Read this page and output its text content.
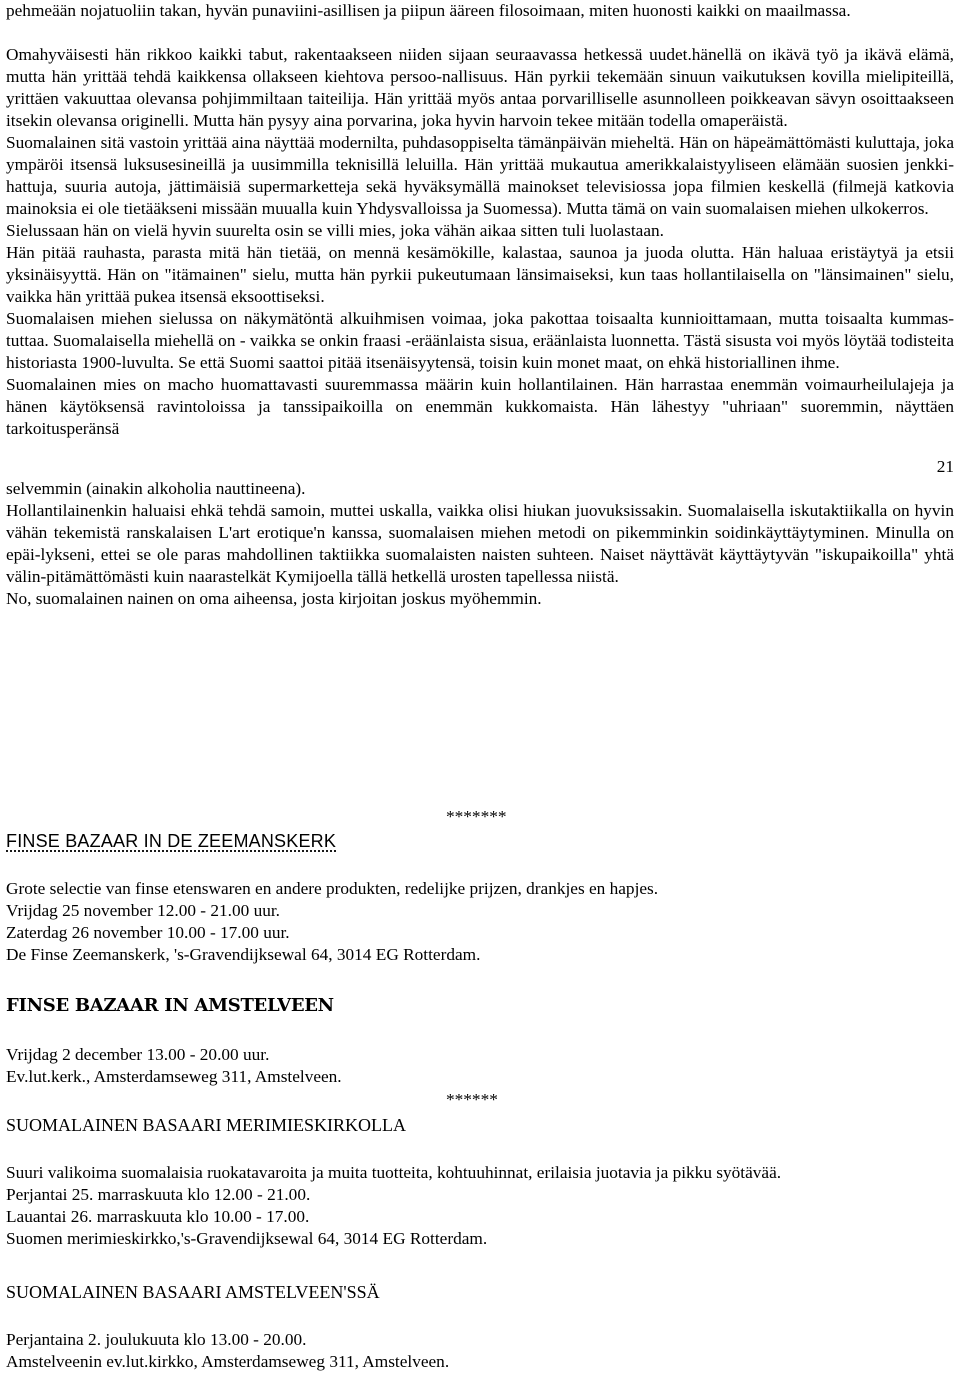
pehmeään nojatuoliin takan, hyvän punaviini-asillisen ja piipun ääreen filosoimaan, miten huonosti kaikki on maailmassa.

Omahyväisesti hän rikkoo kaikki tabut, rakentaakseen niiden sijaan seuraavassa hetkessä uudet.hänellä on ikävä työ ja ikävä elämä, mutta hän yrittää tehdä kaikkensa ollakseen kiehtova persoo-nallisuus. Hän pyrkii tekemään sinuun vaikutuksen kovilla mielipiteillä, yrittäen vakuuttaa olevansa pohjimmiltaan taiteilija. Hän yrittää myös antaa porvarilliselle asunnolleen poikkeavan sävyn osoittaakseen itsekin olevansa originelli. Mutta hän pysyy aina porvarina, joka hyvin harvoin tekee mitään todella omaperäistä.

Suomalainen sitä vastoin yrittää aina näyttää modernilta, puhdasoppiselta tämänpäivän mieheltä. Hän on häpeämättömästi kuluttaja, joka ympäröi itsensä luksusesineillä ja uusimmilla teknisillä leluilla. Hän yrittää mukautua amerikkalaistyyliseen elämään suosien jenkki-hattuja, suuria autoja, jättimäisiä supermarketteja sekä hyväksymällä mainokset televisiossa jopa filmien keskellä (filmejä katkovia mainoksia ei ole tietääkseni missään muualla kuin Yhdysvalloissa ja Suomessa). Mutta tämä on vain suomalaisen miehen ulkokerros.

Sielussaan hän on vielä hyvin suurelta osin se villi mies, joka vähän aikaa sitten tuli luolastaan.

Hän pitää rauhasta, parasta mitä hän tietää, on mennä kesämökille, kalastaa, saunoa ja juoda olutta. Hän haluaa eristäytyä ja etsii yksinäisyyttä. Hän on "itämainen" sielu, mutta hän pyrkii pukeutumaan länsimaiseksi, kun taas hollantilaisella on "länsimainen" sielu, vaikka hän yrittää pukea itsensä eksoottiseksi.

Suomalaisen miehen sielussa on näkymätöntä alkuihmisen voimaa, joka pakottaa toisaalta kunnioittamaan, mutta toisaalta kummas-tuttaa. Suomalaisella miehellä on - vaikka se onkin fraasi -eräänlaista sisua, eräänlaista luonnetta. Tästä sisusta voi myös löytää todisteita historiasta 1900-luvulta. Se että Suomi saattoi pitää itsenäisyytensä, toisin kuin monet maat, on ehkä historiallinen ihme.

Suomalainen mies on macho huomattavasti suuremmassa määrin kuin hollantilainen. Hän harrastaa enemmän voimaurheilulajeja ja hänen käytöksensä ravintoloissa ja tanssipaikoilla on enemmän kukkomaista. Hän lähestyy "uhriaan" suoremmin, näyttäen tarkoitusperänsä

21

selvemmin (ainakin alkoholia nauttineena).

Hollantilainenkin haluaisi ehkä tehdä samoin, muttei uskalla, vaikka olisi hiukan juovuksissakin. Suomalaisella iskutaktiikalla on hyvin vähän tekemistä ranskalaisen L'art erotique'n kanssa, suomalaisen miehen metodi on pikemminkin soidinkäyttäytyminen. Minulla on epäi-lykseni, ettei se ole paras mahdollinen taktiikka suomalaisten naisten suhteen. Naiset näyttävät käyttäytyvän "iskupaikoilla" yhtä välin-pitämättömästi kuin naarastelkät Kymijoella tällä hetkellä urosten tapellessa niistä.

No, suomalainen nainen on oma aiheensa, josta kirjoitan joskus myöhemmin.

*******
FINSE BAZAAR IN DE ZEEMANSKERK
Grote selectie van finse etenswaren en andere produkten, redelijke prijzen, drankjes en hapjes.
Vrijdag 25 november 12.00 - 21.00 uur.
Zaterdag 26 november 10.00 - 17.00 uur.
De Finse Zeemanskerk, 's-Gravendijksewal 64, 3014 EG Rotterdam.
FINSE BAZAAR IN AMSTELVEEN
Vrijdag 2 december 13.00 - 20.00 uur.
Ev.lut.kerk., Amsterdamseweg 311, Amstelveen.
******
SUOMALAINEN BASAARI MERIMIESKIRKOLLA
Suuri valikoima suomalaisia ruokatavaroita ja muita tuotteita, kohtuuhinnat, erilaisia juotavia ja pikku syötävää.
Perjantai 25. marraskuuta klo 12.00 - 21.00.
Lauantai 26. marraskuuta klo 10.00 - 17.00.
Suomen merimieskirkko,'s-Gravendijksewal 64, 3014 EG Rotterdam.
SUOMALAINEN BASAARI AMSTELVEEN'SSÄ
Perjantaina 2. joulukuuta klo 13.00 - 20.00.
Amstelveenin ev.lut.kirkko, Amsterdamseweg 311, Amstelveen.
